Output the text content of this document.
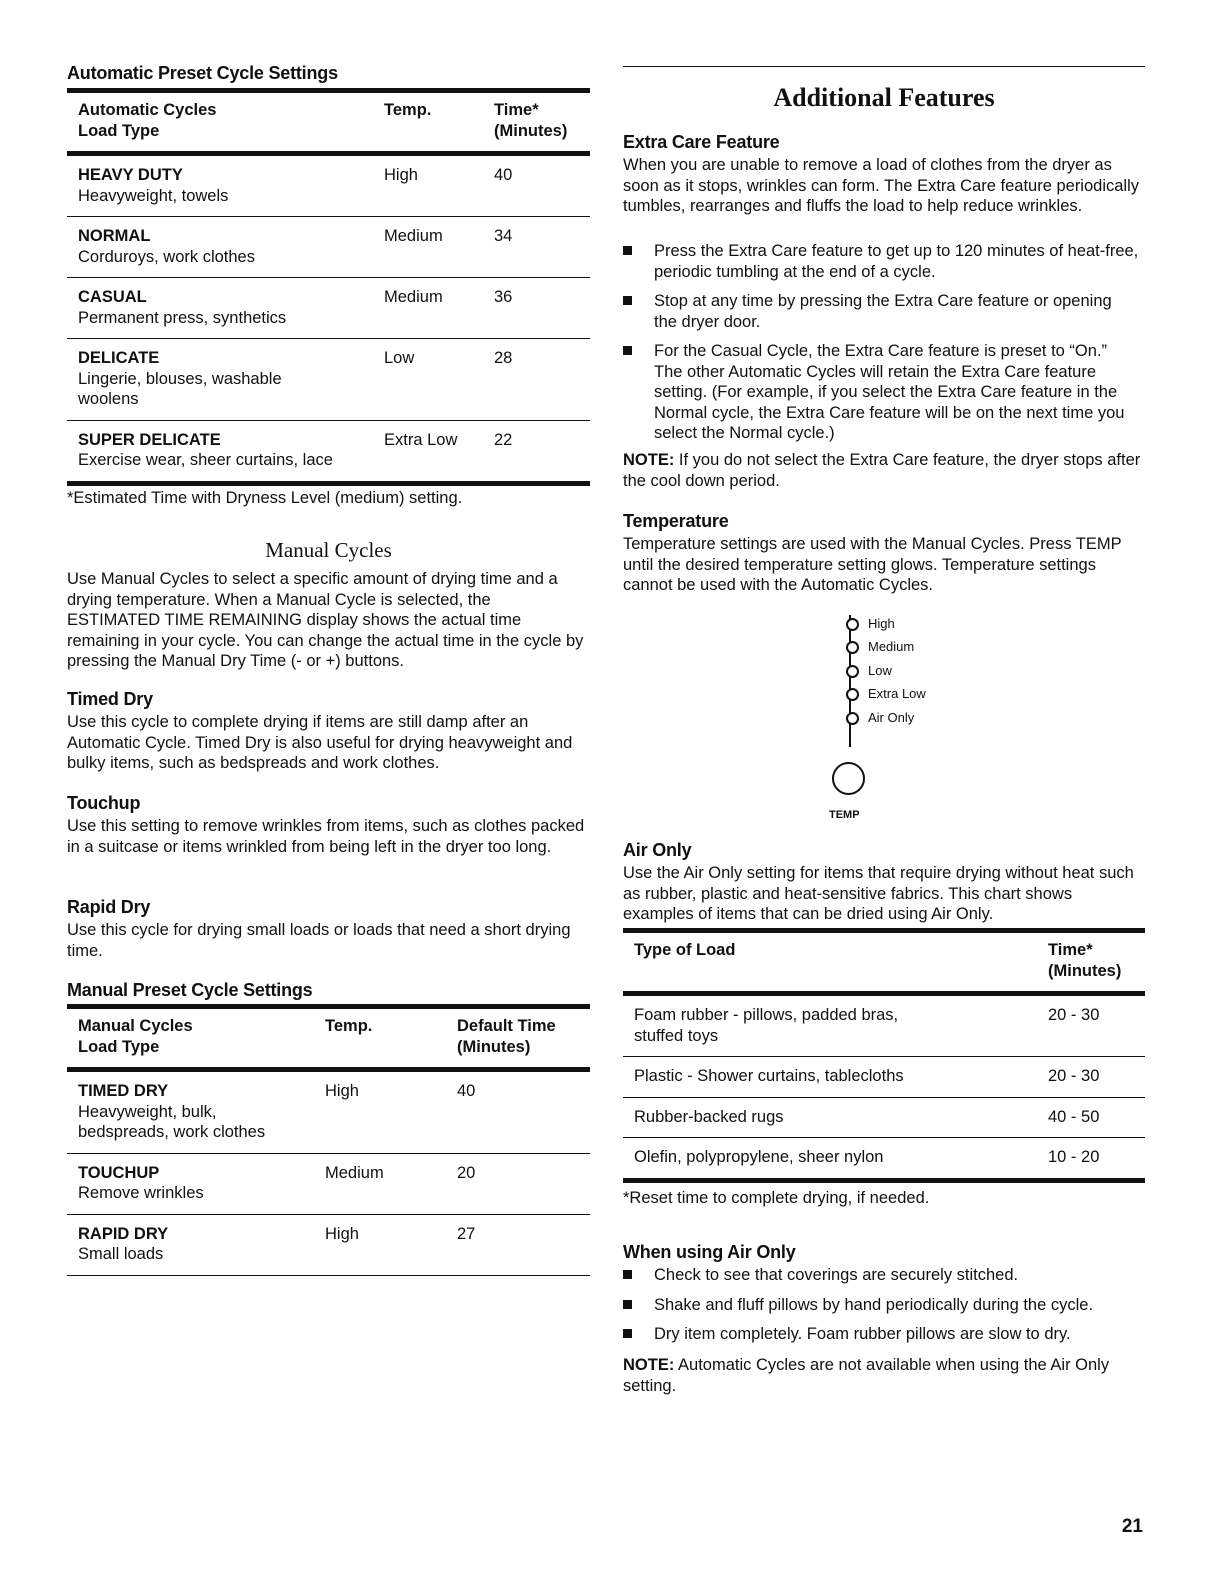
Automatic Preset Cycle Settings
Automatic Cycles
Load Type
Temp.	Time*
(Minutes)
HEAVY DUTY
Heavyweight, towels
High	40
NORMAL
Corduroys, work clothes
Medium	34
CASUAL
Permanent press, synthetics
Medium	36
DELICATE
Lingerie, blouses, washable
woolens
Low	28
SUPER DELICATE
Exercise wear, sheer curtains, lace
Extra Low	22

*Estimated Time with Dryness Level (medium) setting.

Manual Cycles

Use Manual Cycles to select a specific amount of drying time and a drying temperature. When a Manual Cycle is selected, the ESTIMATED TIME REMAINING display shows the actual time remaining in your cycle. You can change the actual time in the cycle by pressing the Manual Dry Time (- or +) buttons.

Timed Dry

Use this cycle to complete drying if items are still damp after an Automatic Cycle. Timed Dry is also useful for drying heavyweight and bulky items, such as bedspreads and work clothes.

Touchup

Use this setting to remove wrinkles from items, such as clothes packed in a suitcase or items wrinkled from being left in the dryer too long.

Rapid Dry

Use this cycle for drying small loads or loads that need a short drying time.

Manual Preset Cycle Settings
Manual Cycles
Load Type
Temp.	Default Time
(Minutes)
TIMED DRY
Heavyweight, bulk,
bedspreads, work clothes
High	40
TOUCHUP
Remove wrinkles
Medium	20
RAPID DRY
Small loads
High	27
Additional Features
Extra Care Feature

When you are unable to remove a load of clothes from the dryer as soon as it stops, wrinkles can form. The Extra Care feature periodically tumbles, rearranges and fluffs the load to help reduce wrinkles.

Press the Extra Care feature to get up to 120 minutes of heat-free, periodic tumbling at the end of a cycle.
Stop at any time by pressing the Extra Care feature or opening the dryer door.
For the Casual Cycle, the Extra Care feature is preset to “On.” The other Automatic Cycles will retain the Extra Care feature setting. (For example, if you select the Extra Care feature in the Normal cycle, the Extra Care feature will be on the next time you select the Normal cycle.)

NOTE: If you do not select the Extra Care feature, the dryer stops after the cool down period.

Temperature

Temperature settings are used with the Manual Cycles. Press TEMP until the desired temperature setting glows. Temperature settings cannot be used with the Automatic Cycles.

High
Medium
Low
Extra Low
Air Only
TEMP
Air Only

Use the Air Only setting for items that require drying without heat such as rubber, plastic and heat-sensitive fabrics. This chart shows examples of items that can be dried using Air Only.

Type of Load	Time*
(Minutes)
Foam rubber - pillows, padded bras,
stuffed toys
20 - 30
Plastic - Shower curtains, tablecloths	20 - 30
Rubber-backed rugs	40 - 50
Olefin, polypropylene, sheer nylon	10 - 20

*Reset time to complete drying, if needed.

When using Air Only
Check to see that coverings are securely stitched.
Shake and fluff pillows by hand periodically during the cycle.
Dry item completely. Foam rubber pillows are slow to dry.

NOTE: Automatic Cycles are not available when using the Air Only setting.

21
